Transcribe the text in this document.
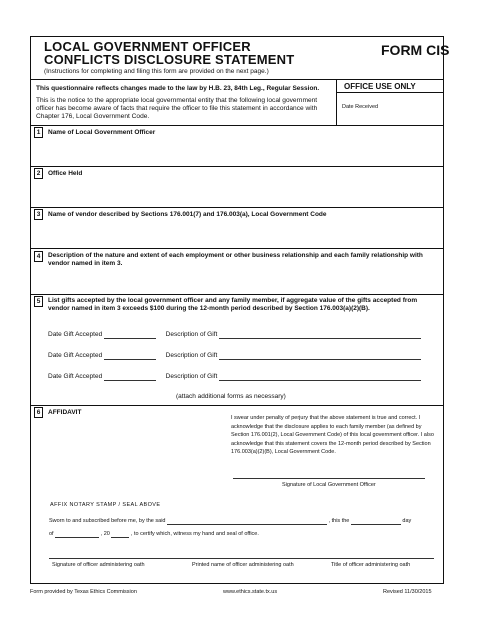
LOCAL GOVERNMENT OFFICER
CONFLICTS DISCLOSURE STATEMENT
FORM CIS
(Instructions for completing and filing this form are provided on the next page.)
This questionnaire reflects changes made to the law by H.B. 23, 84th Leg., Regular Session.
This is the notice to the appropriate local governmental entity that the following local government officer has become aware of facts that require the officer to file this statement in accordance with Chapter 176, Local Government Code.
OFFICE USE ONLY
Date Received
1	Name of Local Government Officer
2	Office Held
3	Name of vendor described by Sections 176.001(7) and 176.003(a), Local Government Code
4	Description of the nature and extent of each employment or other business relationship and each family relationship with vendor named in item 3.
5	List gifts accepted by the local government officer and any family member, if aggregate value of the gifts accepted from vendor named in item 3 exceeds $100 during the 12-month period described by Section 176.003(a)(2)(B).
Date Gift Accepted	Description of Gift
Date Gift Accepted	Description of Gift
Date Gift Accepted	Description of Gift
(attach additional forms as necessary)
6	AFFIDAVIT
I swear under penalty of perjury that the above statement is true and correct. I acknowledge that the disclosure applies to each family member (as defined by Section 176.001(2), Local Government Code) of this local government officer. I also acknowledge that this statement covers the 12-month period described by Section 176.003(a)(2)(B), Local Government Code.
Signature of Local Government Officer
AFFIX NOTARY STAMP / SEAL ABOVE
Sworn to and subscribed before me, by the said	, this the	day
of	, 20	, to certify which, witness my hand and seal of office.
Signature of officer administering oath	Printed name of officer administering oath	Title of officer administering oath
Form provided by Texas Ethics Commission	www.ethics.state.tx.us	Revised 11/30/2015
